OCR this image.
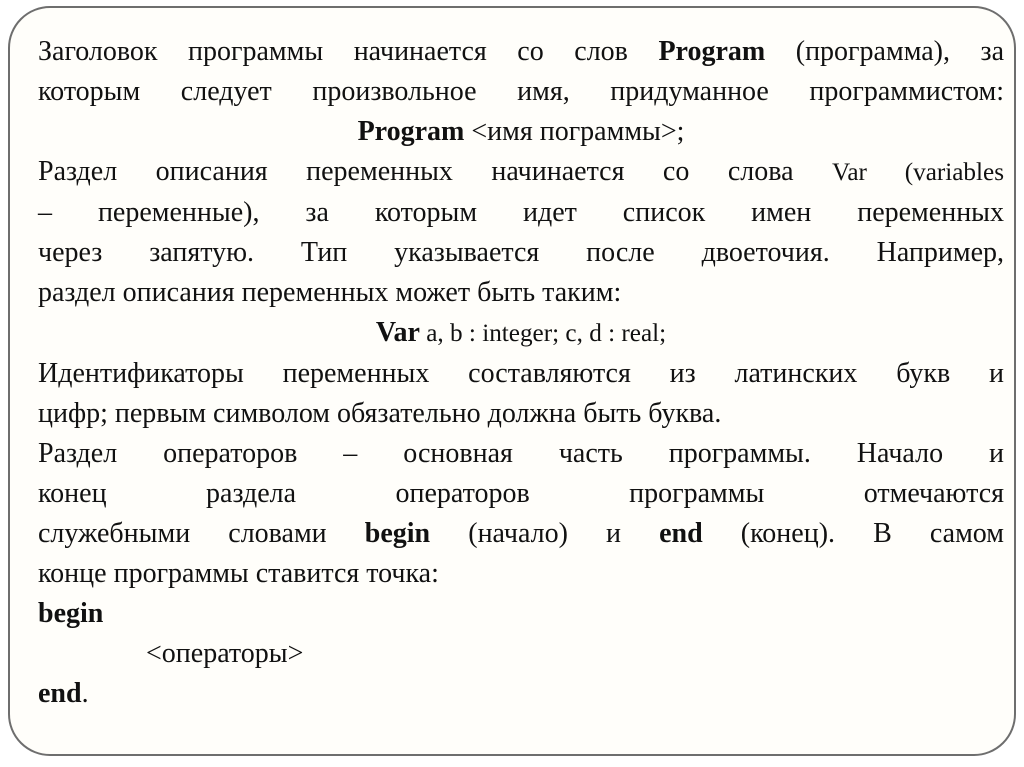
Заголовок программы начинается со слов Program (программа), за
которым следует произвольное имя, придуманное программистом:
Program <имя пограммы>;
Раздел описания переменных начинается со слова Var (variables
– переменные), за которым идет список имен переменных
через запятую. Тип указывается после двоеточия. Например,
раздел описания переменных может быть таким:
Var a, b : integer; c, d : real;
Идентификаторы переменных составляются из латинских букв и
цифр; первым символом обязательно должна быть буква.
Раздел операторов – основная часть программы. Начало и
конец раздела операторов программы отмечаются
служебными словами begin (начало) и end (конец). В самом
конце программы ставится точка:
begin
<операторы>
end.
